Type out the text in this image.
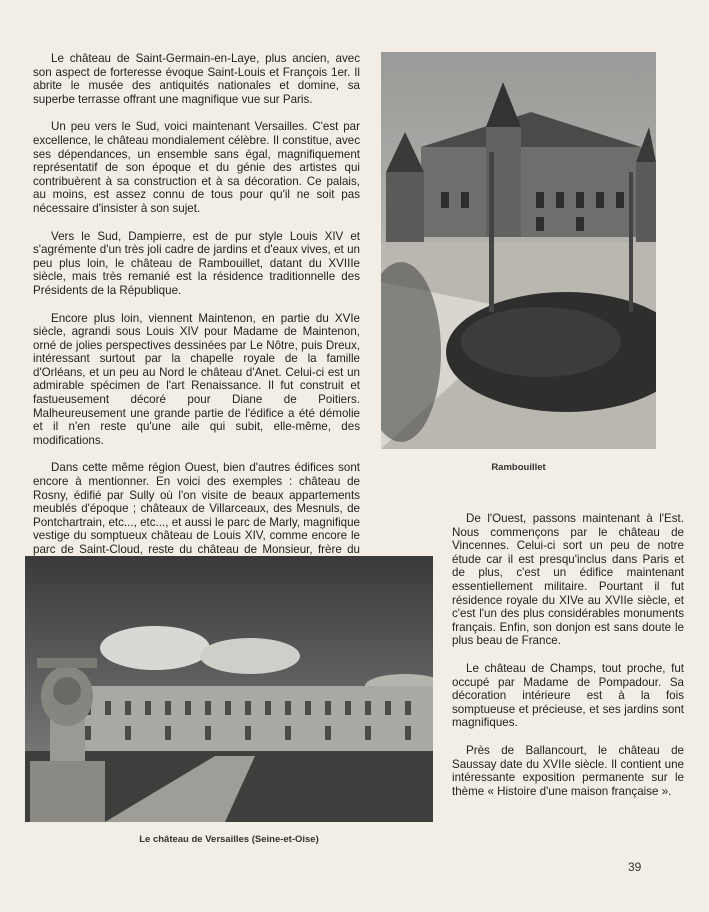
Le château de Saint-Germain-en-Laye, plus ancien, avec son aspect de forteresse évoque Saint-Louis et François 1er. Il abrite le musée des antiquités nationales et domine, sa superbe terrasse offrant une magnifique vue sur Paris.

Un peu vers le Sud, voici maintenant Versailles. C'est par excellence, le château mondialement célèbre. Il constitue, avec ses dépendances, un ensemble sans égal, magnifiquement représentatif de son époque et du génie des artistes qui contribuèrent à sa construction et à sa décoration. Ce palais, au moins, est assez connu de tous pour qu'il ne soit pas nécessaire d'insister à son sujet.

Vers le Sud, Dampierre, est de pur style Louis XIV et s'agrémente d'un très joli cadre de jardins et d'eaux vives, et un peu plus loin, le château de Rambouillet, datant du XVIIIe siècle, mais très remanié est la résidence traditionnelle des Présidents de la République.

Encore plus loin, viennent Maintenon, en partie du XVIe siècle, agrandi sous Louis XIV pour Madame de Maintenon, orné de jolies perspectives dessinées par Le Nôtre, puis Dreux, intéressant surtout par la chapelle royale de la famille d'Orléans, et un peu au Nord le château d'Anet. Celui-ci est un admirable spécimen de l'art Renaissance. Il fut construit et fastueusement décoré pour Diane de Poitiers. Malheureusement une grande partie de l'édifice a été démolie et il n'en reste qu'une aile qui subit, elle-même, des modifications.

Dans cette même région Ouest, bien d'autres édifices sont encore à mentionner. En voici des exemples : château de Rosny, édifié par Sully où l'on visite de beaux appartements meublés d'époque ; châteaux de Villarceaux, des Mesnuls, de Pontchartrain, etc..., etc..., et aussi le parc de Marly, magnifique vestige du somptueux château de Louis XIV, comme encore le parc de Saint-Cloud, reste du château de Monsieur, frère du

Rambouillet

De l'Ouest, passons maintenant à l'Est. Nous commençons par le château de Vincennes. Celui-ci sort un peu de notre étude car il est presqu'inclus dans Paris et de plus, c'est un édifice maintenant essentiellement militaire. Pourtant il fut résidence royale du XIVe au XVIIe siècle, et c'est l'un des plus considérables monuments français. Enfin, son donjon est sans doute le plus beau de France.

Le château de Champs, tout proche, fut occupé par Madame de Pompadour. Sa décoration intérieure est à la fois somptueuse et précieuse, et ses jardins sont magnifiques.

Près de Ballancourt, le château de Saussay date du XVIIe siècle. Il contient une intéressante exposition permanente sur le thème « Histoire d'une maison française ».

Le château de Versailles (Seine-et-Oise)
39
